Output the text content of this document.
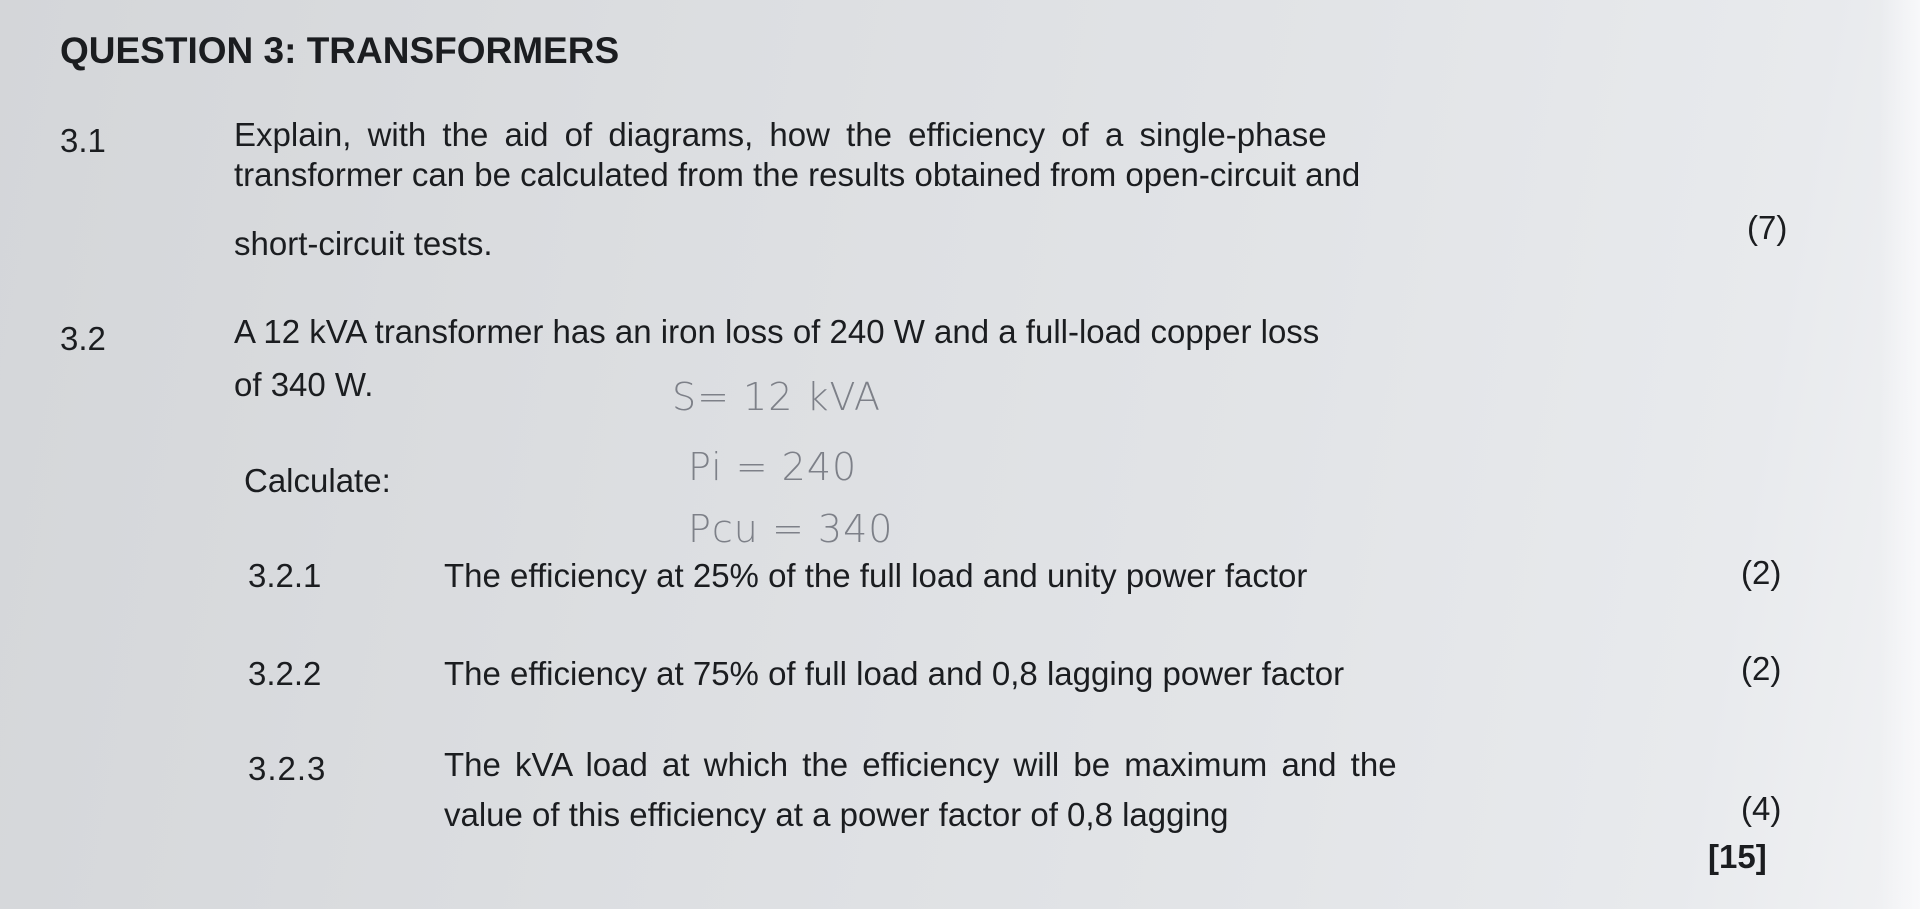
QUESTION 3: TRANSFORMERS
3.1	Explain, with the aid of diagrams, how the efficiency of a single-phase
transformer can be calculated from the results obtained from open-circuit and
short-circuit tests.	(7)
3.2	A 12 kVA transformer has an iron loss of 240 W and a full-load copper loss
of 340 W.	S= 12 kVA
Pi = 240
Pcu = 340
Calculate:
3.2.1	The efficiency at 25% of the full load and unity power factor	(2)
3.2.2	The efficiency at 75% of full load and 0,8 lagging power factor	(2)
3.2.3	The kVA load at which the efficiency will be maximum and the
value of this efficiency at a power factor of 0,8 lagging	(4)
[15]
